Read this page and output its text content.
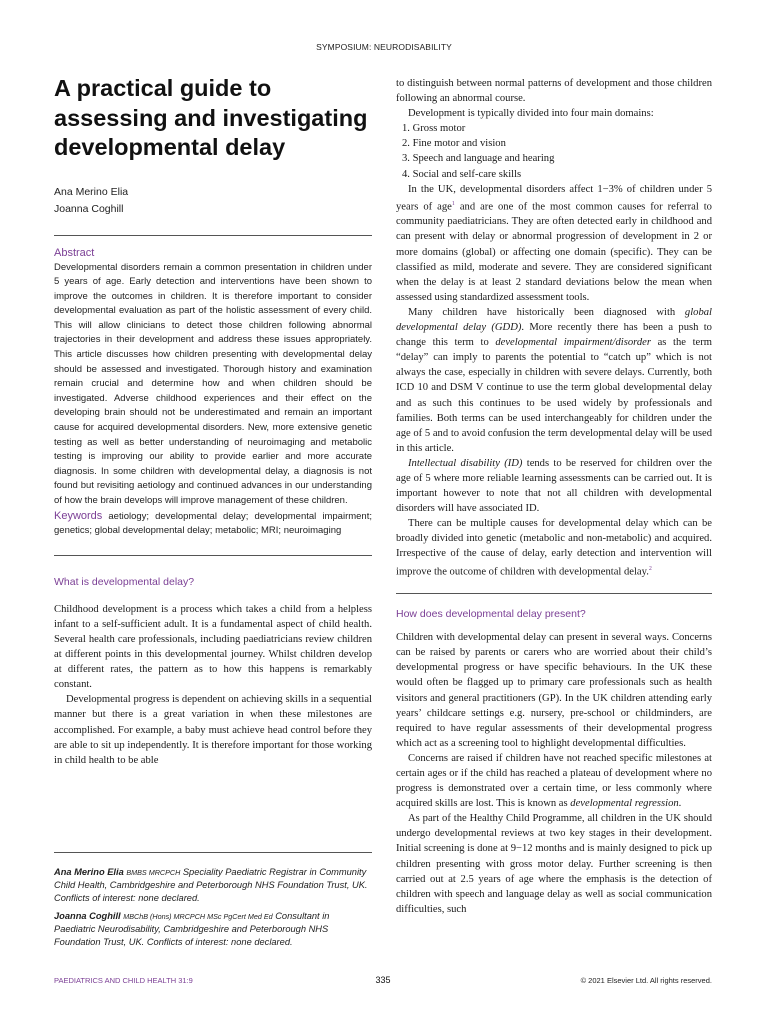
SYMPOSIUM: NEURODISABILITY
A practical guide to assessing and investigating developmental delay

Ana Merino Elia

Joanna Coghill

Abstract

Developmental disorders remain a common presentation in children under 5 years of age. Early detection and interventions have been shown to improve the outcomes in children. It is therefore important to consider developmental evaluation as part of the holistic assessment of every child. This will allow clinicians to detect those children following abnormal trajectories in their development and address these issues appropriately. This article discusses how children presenting with developmental delay should be assessed and investigated. Thorough history and examination remain crucial and determine how and when children should be investigated. Adverse childhood experiences and their effect on the developing brain should not be underestimated and remain an important cause for acquired developmental disorders. New, more extensive genetic testing as well as better understanding of neuroimaging and metabolic testing is improving our ability to provide earlier and more accurate diagnosis. In some children with developmental delay, a diagnosis is not found but revisiting aetiology and continued advances in our understanding of how the brain develops will improve management of these children.

Keywords aetiology; developmental delay; developmental impairment; genetics; global developmental delay; metabolic; MRI; neuroimaging

What is developmental delay?

Childhood development is a process which takes a child from a helpless infant to a self-sufficient adult. It is a fundamental aspect of child health. Several health care professionals, including paediatricians review children at different points in this developmental journey. Whilst children develop at different rates, the pattern as to how this happens is remarkably constant.

Developmental progress is dependent on achieving skills in a sequential manner but there is a great variation in when these milestones are accomplished. For example, a baby must achieve head control before they are able to sit up independently. It is therefore important for those working in child health to be able

Ana Merino Elia BMBS MRCPCH Speciality Paediatric Registrar in Community Child Health, Cambridgeshire and Peterborough NHS Foundation Trust, UK. Conflicts of interest: none declared.

Joanna Coghill MBChB (Hons) MRCPCH MSc PgCert Med Ed Consultant in Paediatric Neurodisability, Cambridgeshire and Peterborough NHS Foundation Trust, UK. Conflicts of interest: none declared.

to distinguish between normal patterns of development and those children following an abnormal course.

Development is typically divided into four main domains:

1. Gross motor
2. Fine motor and vision
3. Speech and language and hearing
4. Social and self-care skills

In the UK, developmental disorders affect 1−3% of children under 5 years of age$^1$ and are one of the most common causes for referral to community paediatricians. They are often detected early in childhood and can present with delay or abnormal progression of development in 2 or more domains (global) or affecting one domain (specific). They can be classified as mild, moderate and severe. They are considered significant when the delay is at least 2 standard deviations below the mean when assessed using standardized assessment tools.

Many children have historically been diagnosed with global developmental delay (GDD). More recently there has been a push to change this term to developmental impairment/disorder as the term “delay” can imply to parents the potential to “catch up” which is not always the case, especially in children with severe delays. Currently, both ICD 10 and DSM V continue to use the term global developmental delay and as such this continues to be used widely by professionals and families. Both terms can be used interchangeably for children under the age of 5 and to avoid confusion the term developmental delay will be used in this article.

Intellectual disability (ID) tends to be reserved for children over the age of 5 where more reliable learning assessments can be carried out. It is important however to note that not all children with developmental disorders will have associated ID.

There can be multiple causes for developmental delay which can be broadly divided into genetic (metabolic and non-metabolic) and acquired. Irrespective of the cause of delay, early detection and intervention will improve the outcome of children with developmental delay.$^2$

How does developmental delay present?

Children with developmental delay can present in several ways. Concerns can be raised by parents or carers who are worried about their child’s developmental progress or have specific behaviours. In the UK these would often be flagged up to primary care professionals such as health visitors and general practitioners (GP). In the UK children attending early years’ childcare settings e.g. nursery, pre-school or childminders, are required to have regular assessments of their developmental progress which act as a screening tool to highlight developmental difficulties.

Concerns are raised if children have not reached specific milestones at certain ages or if the child has reached a plateau of development where no progress is demonstrated over a certain time, or less commonly where acquired skills are lost. This is known as developmental regression.

As part of the Healthy Child Programme, all children in the UK should undergo developmental reviews at two key stages in their development. Initial screening is done at 9−12 months and is mainly designed to pick up children presenting with gross motor delay. Further screening is then carried out at 2.5 years of age where the emphasis is the detection of children with speech and language delay as well as social communication difficulties, such

PAEDIATRICS AND CHILD HEALTH 31:9	335	© 2021 Elsevier Ltd. All rights reserved.
